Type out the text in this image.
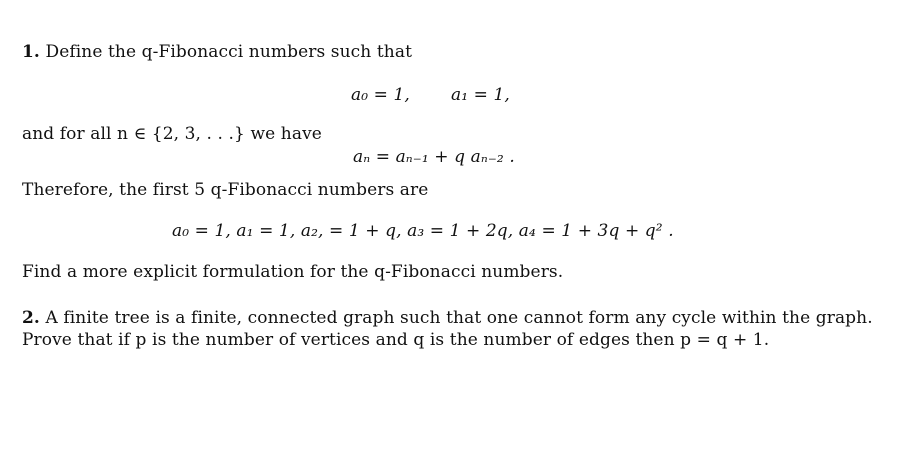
1. Define the q-Fibonacci numbers such that
a₀ = 1, a₁ = 1,
and for all n ∈ {2, 3, . . .} we have
aₙ = aₙ₋₁ + q aₙ₋₂ .
Therefore, the first 5 q-Fibonacci numbers are
a₀ = 1, a₁ = 1, a₂, = 1 + q, a₃ = 1 + 2q, a₄ = 1 + 3q + q² .
Find a more explicit formulation for the q-Fibonacci numbers.
2. A finite tree is a finite, connected graph such that one cannot form any cycle within the graph.
Prove that if p is the number of vertices and q is the number of edges then p = q + 1.
